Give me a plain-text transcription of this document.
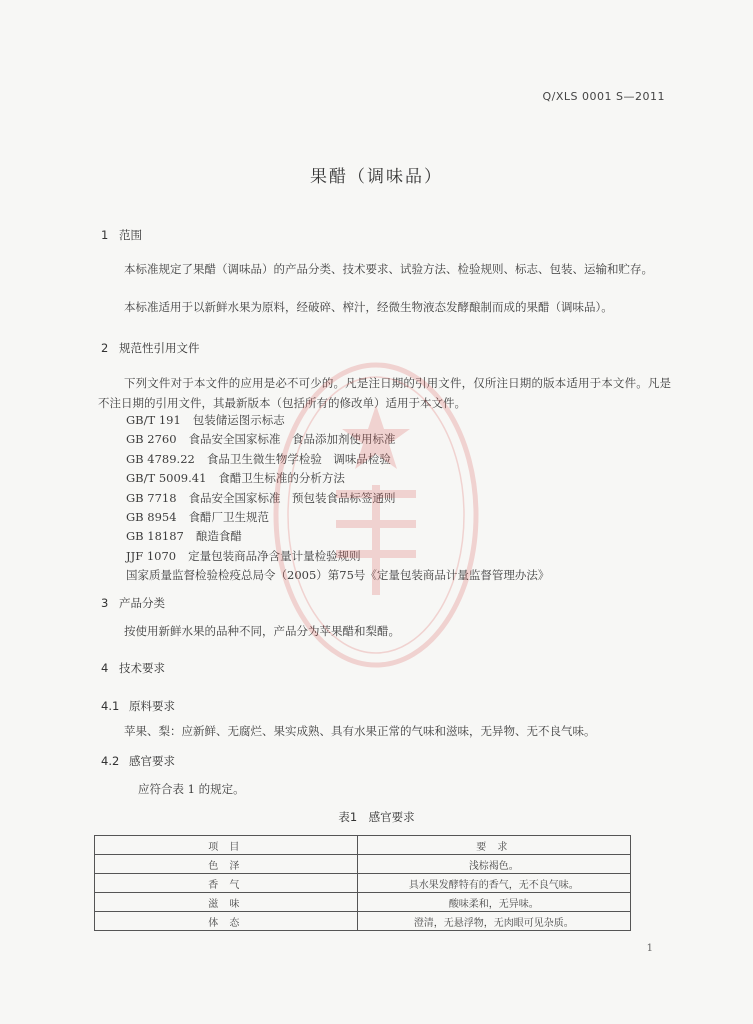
Q/XLS 0001 S—2011
果醋（调味品）
1 范围
本标准规定了果醋（调味品）的产品分类、技术要求、试验方法、检验规则、标志、包装、运输和贮存。
本标准适用于以新鲜水果为原料，经破碎、榨汁，经微生物液态发酵酿制而成的果醋（调味品）。
2 规范性引用文件
下列文件对于本文件的应用是必不可少的。凡是注日期的引用文件，仅所注日期的版本适用于本文件。凡是不注日期的引用文件，其最新版本（包括所有的修改单）适用于本文件。
GB/T 191 包装储运图示标志
GB 2760 食品安全国家标准　食品添加剂使用标准
GB 4789.22 食品卫生微生物学检验　调味品检验
GB/T 5009.41 食醋卫生标准的分析方法
GB 7718 食品安全国家标准　预包装食品标签通则
GB 8954 食醋厂卫生规范
GB 18187 酿造食醋
JJF 1070 定量包装商品净含量计量检验规则
国家质量监督检验检疫总局令（2005）第75号《定量包装商品计量监督管理办法》
3 产品分类
按使用新鲜水果的品种不同，产品分为苹果醋和梨醋。
4 技术要求
4.1 原料要求
苹果、梨：应新鲜、无腐烂、果实成熟、具有水果正常的气味和滋味，无异物、无不良气味。
4.2 感官要求
应符合表 1 的规定。
表1　感官要求
项 目	要 求
色 泽	浅棕褐色。
香 气	具水果发酵特有的香气，无不良气味。
滋 味	酸味柔和，无异味。
体 态	澄清，无悬浮物，无肉眼可见杂质。
1
